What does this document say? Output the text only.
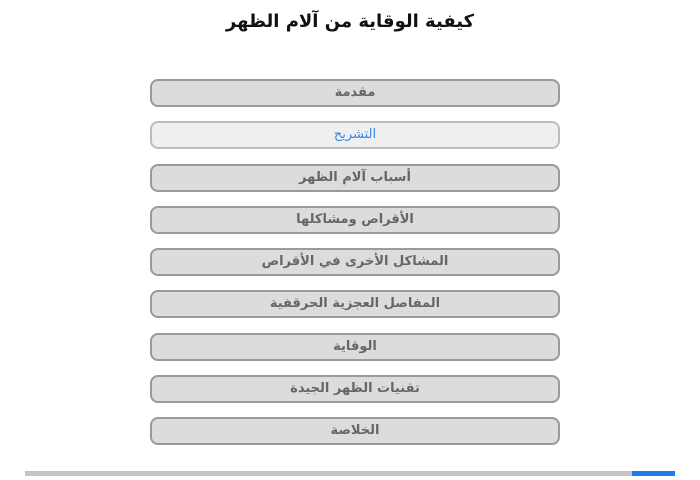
كيفية الوقاية من آلام الظهر
مقدمة
التشريح
أسباب آلام الظهر
الأقراص ومشاكلها
المشاكل الأخرى في الأقراص
المفاصل العجزية الحرقفية
الوقاية
تقنيات الظهر الجيدة
الخلاصة
